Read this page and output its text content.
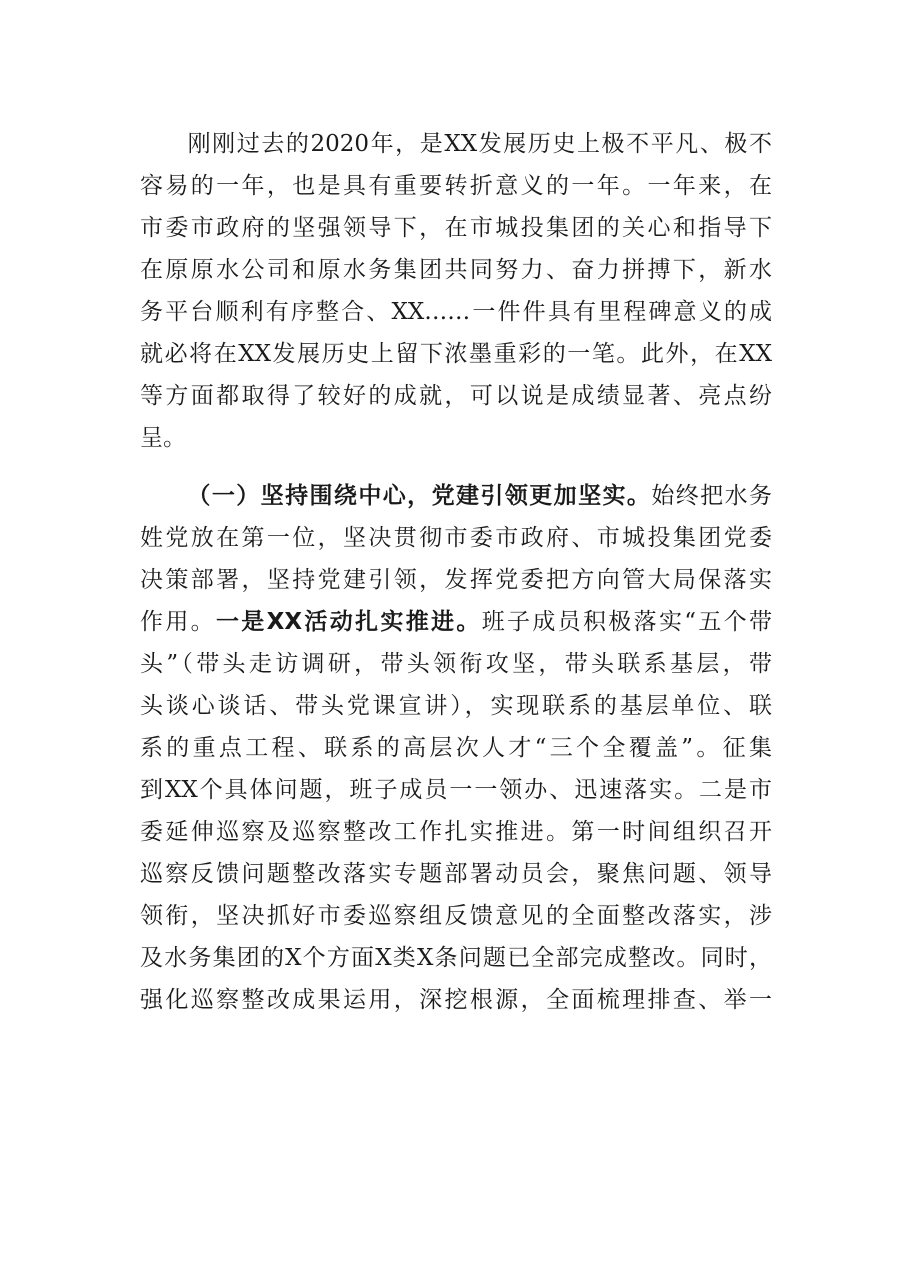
刚刚过去的2020年，是XX发展历史上极不平凡、极不
容易的一年，也是具有重要转折意义的一年。一年来，在
市委市政府的坚强领导下，在市城投集团的关心和指导下
在原原水公司和原水务集团共同努力、奋力拼搏下，新水
务平台顺利有序整合、XX……一件件具有里程碑意义的成
就必将在XX发展历史上留下浓墨重彩的一笔。此外，在XX
等方面都取得了较好的成就，可以说是成绩显著、亮点纷
呈。
（一）坚持围绕中心，党建引领更加坚实。始终把水务
姓党放在第一位，坚决贯彻市委市政府、市城投集团党委
决策部署，坚持党建引领，发挥党委把方向管大局保落实
作用。一是XX活动扎实推进。班子成员积极落实“五个带
头”（带头走访调研，带头领衔攻坚，带头联系基层，带
头谈心谈话、带头党课宣讲），实现联系的基层单位、联
系的重点工程、联系的高层次人才“三个全覆盖”。征集
到XX个具体问题，班子成员一一领办、迅速落实。二是市
委延伸巡察及巡察整改工作扎实推进。第一时间组织召开
巡察反馈问题整改落实专题部署动员会，聚焦问题、领导
领衔，坚决抓好市委巡察组反馈意见的全面整改落实，涉
及水务集团的X个方面X类X条问题已全部完成整改。同时，
强化巡察整改成果运用，深挖根源，全面梳理排查、举一
